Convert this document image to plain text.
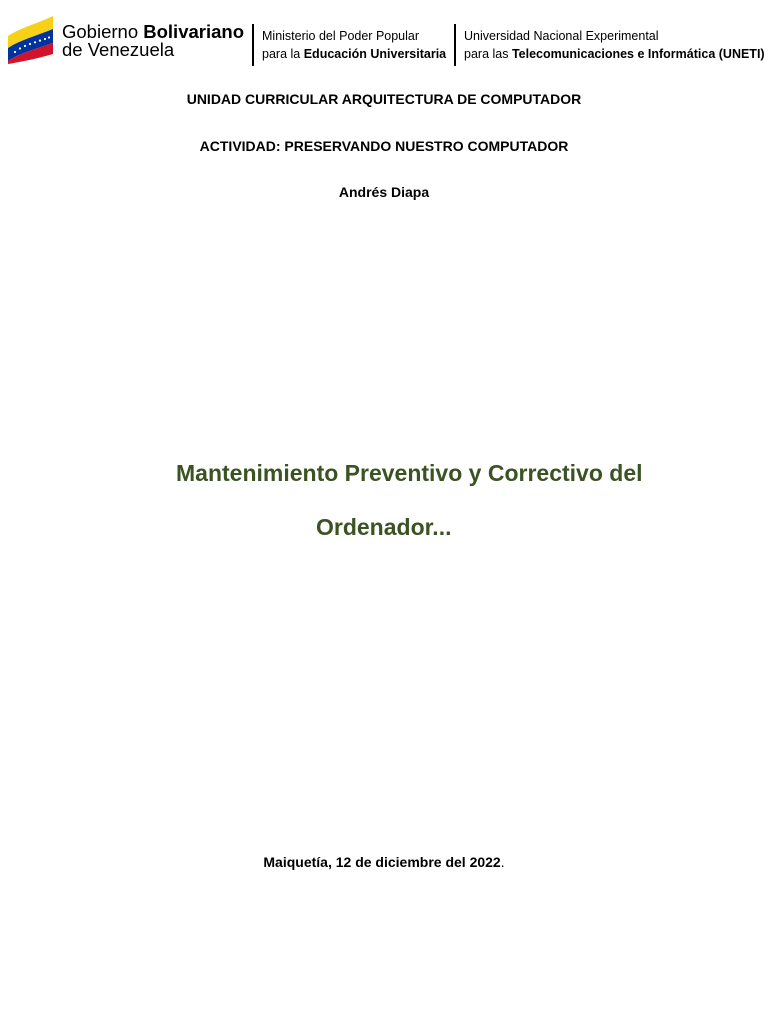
Gobierno Bolivariano
de Venezuela
Ministerio del Poder Popular
para la Educación Universitaria
Universidad Nacional Experimental
para las Telecomunicaciones e Informática (UNETI)
UNIDAD CURRICULAR ARQUITECTURA DE COMPUTADOR
ACTIVIDAD: PRESERVANDO NUESTRO COMPUTADOR
Andrés Diapa
Mantenimiento Preventivo y Correctivo del
Ordenador...
Maiquetía, 12 de diciembre del 2022.
